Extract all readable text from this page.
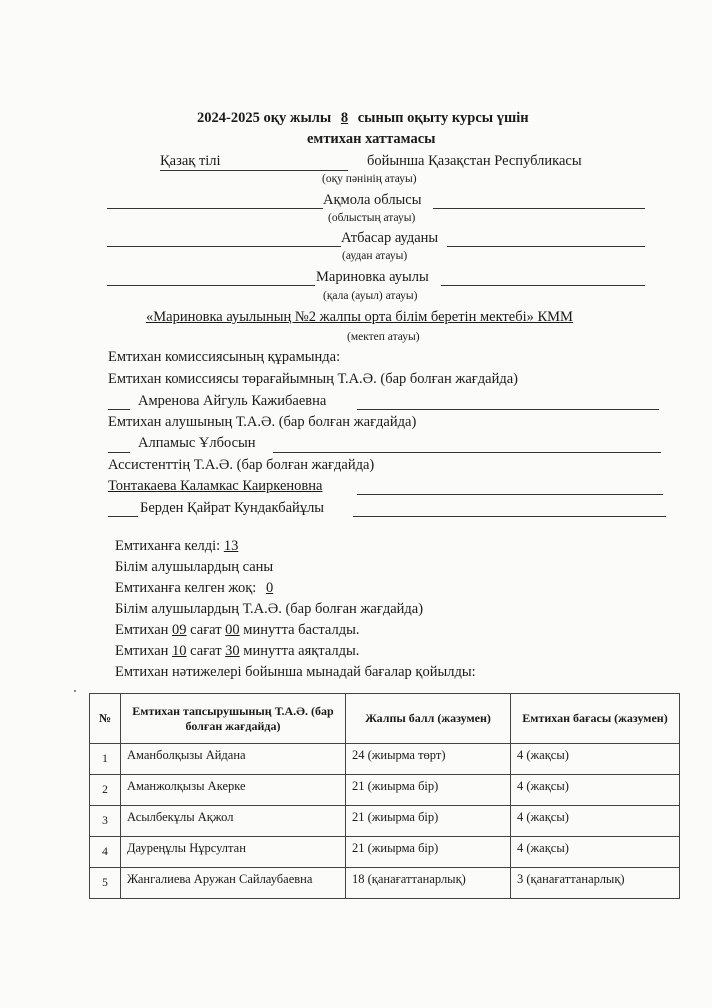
2024-2025 оқу жылы 8 сынып оқыту курсы үшін
емтихан хаттамасы
Қазақ тілі	бойынша Қазақстан Республикасы
(оқу пәнінің атауы)
Ақмола облысы
(облыстың атауы)
Атбасар ауданы
(аудан атауы)
Мариновка ауылы
(қала (ауыл) атауы)
«Мариновка ауылының №2 жалпы орта білім беретін мектебі» КММ
(мектеп атауы)
Емтихан комиссиясының құрамында:
Емтихан комиссиясы төрағайымның Т.А.Ә. (бар болған жағдайда)
Амренова Айгуль Кажибаевна
Емтихан алушының Т.А.Ә. (бар болған жағдайда)
Алпамыс Ұлбосын
Ассистенттің Т.А.Ә. (бар болған жағдайда)
Тонтакаева Каламкас Каиркеновна
Берден Қайрат Кундакбайұлы
Емтиханға келді: 13
Білім алушылардың саны
Емтиханға келген жоқ: 0
Білім алушылардың Т.А.Ә. (бар болған жағдайда)
Емтихан 09 сағат 00 минутта басталды.
Емтихан 10 сағат 30 минутта аяқталды.
Емтихан нәтижелері бойынша мынадай бағалар қойылды:
№	Емтихан тапсырушының Т.А.Ә. (бар болған жағдайда)	Жалпы балл (жазумен)	Емтихан бағасы (жазумен)
1	Аманболқызы Айдана	24 (жиырма төрт)	4 (жақсы)
2	Аманжолқызы Акерке	21 (жиырма бір)	4 (жақсы)
3	Асылбекұлы Ақжол	21 (жиырма бір)	4 (жақсы)
4	Дауреңұлы Нұрсултан	21 (жиырма бір)	4 (жақсы)
5	Жангалиева Аружан Сайлаубаевна	18 (қанағаттанарлық)	3 (қанағаттанарлық)
